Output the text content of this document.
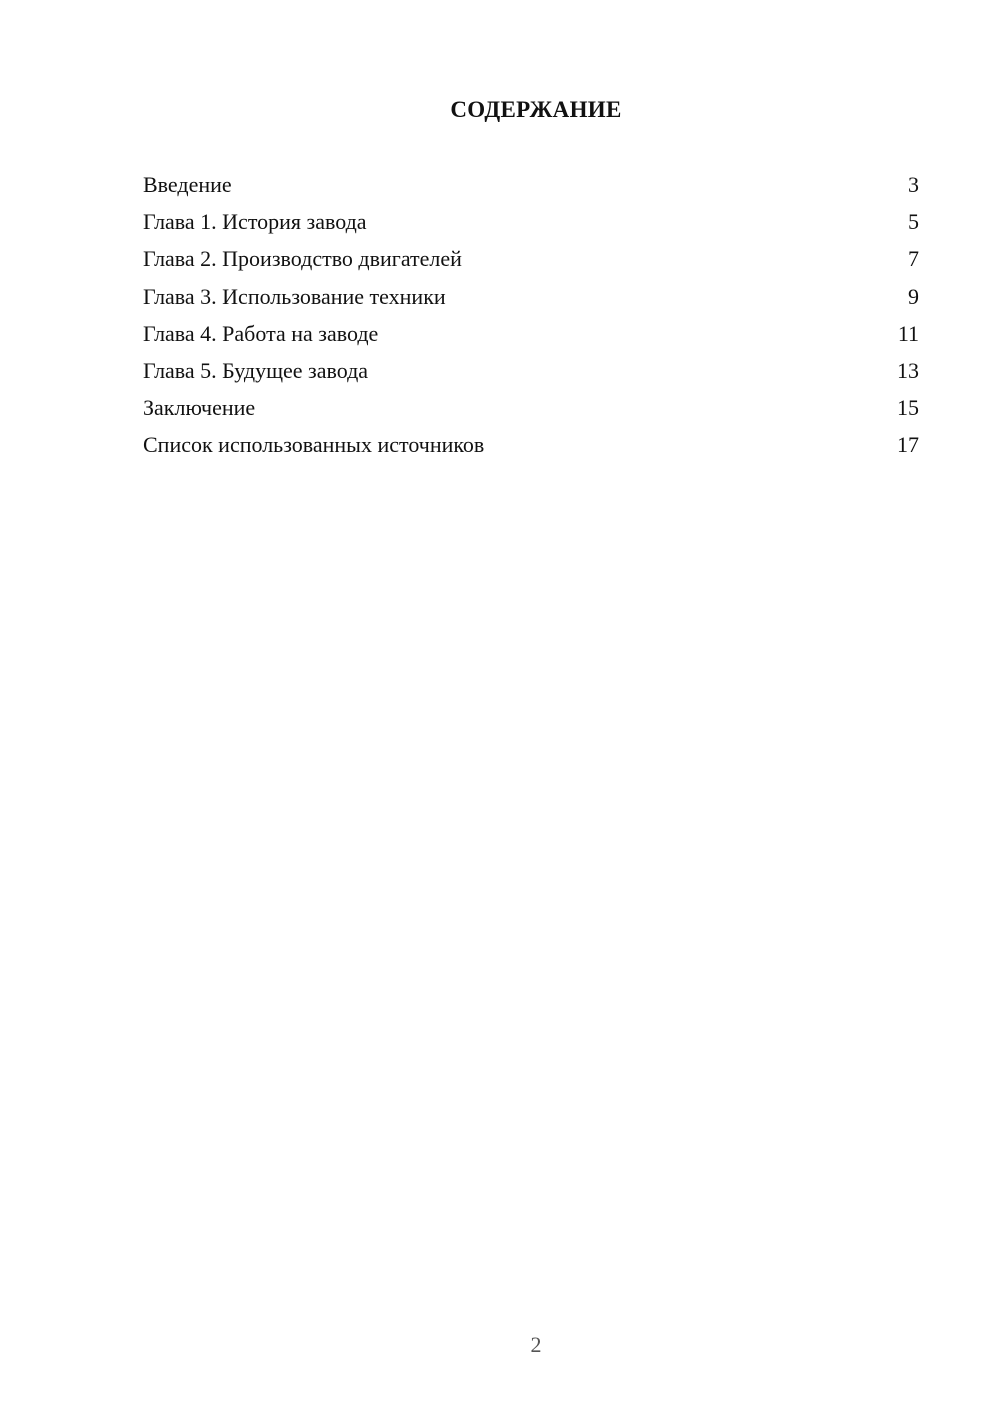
СОДЕРЖАНИЕ
Введение	3
Глава 1. История завода	5
Глава 2. Производство двигателей	7
Глава 3. Использование техники	9
Глава 4. Работа на заводе	11
Глава 5. Будущее завода	13
Заключение	15
Список использованных источников	17
2
